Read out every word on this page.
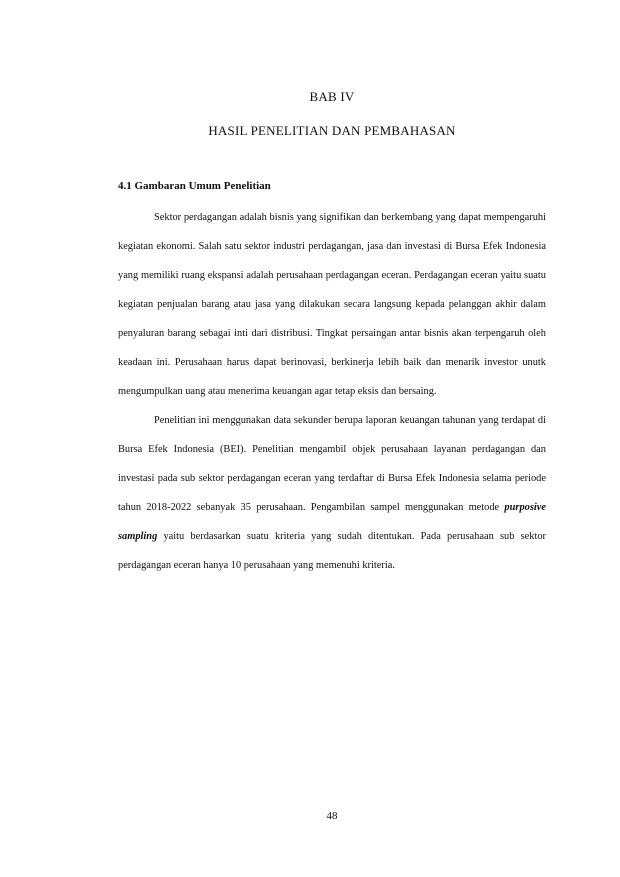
BAB IV
HASIL PENELITIAN DAN PEMBAHASAN
4.1 Gambaran Umum Penelitian

Sektor perdagangan adalah bisnis yang signifikan dan berkembang yang dapat mempengaruhi kegiatan ekonomi. Salah satu sektor industri perdagangan, jasa dan investasi di Bursa Efek Indonesia yang memiliki ruang ekspansi adalah perusahaan perdagangan eceran. Perdagangan eceran yaitu suatu kegiatan penjualan barang atau jasa yang dilakukan secara langsung kepada pelanggan akhir dalam penyaluran barang sebagai inti dari distribusi. Tingkat persaingan antar bisnis akan terpengaruh oleh keadaan ini. Perusahaan harus dapat berinovasi, berkinerja lebih baik dan menarik investor unutk mengumpulkan uang atau menerima keuangan agar tetap eksis dan bersaing.

Penelitian ini menggunakan data sekunder berupa laporan keuangan tahunan yang terdapat di Bursa Efek Indonesia (BEI). Penelitian mengambil objek perusahaan layanan perdagangan dan investasi pada sub sektor perdagangan eceran yang terdaftar di Bursa Efek Indonesia selama periode tahun 2018-2022 sebanyak 35 perusahaan. Pengambilan sampel menggunakan metode purposive sampling yaitu berdasarkan suatu kriteria yang sudah ditentukan. Pada perusahaan sub sektor perdagangan eceran hanya 10 perusahaan yang memenuhi kriteria.

48
